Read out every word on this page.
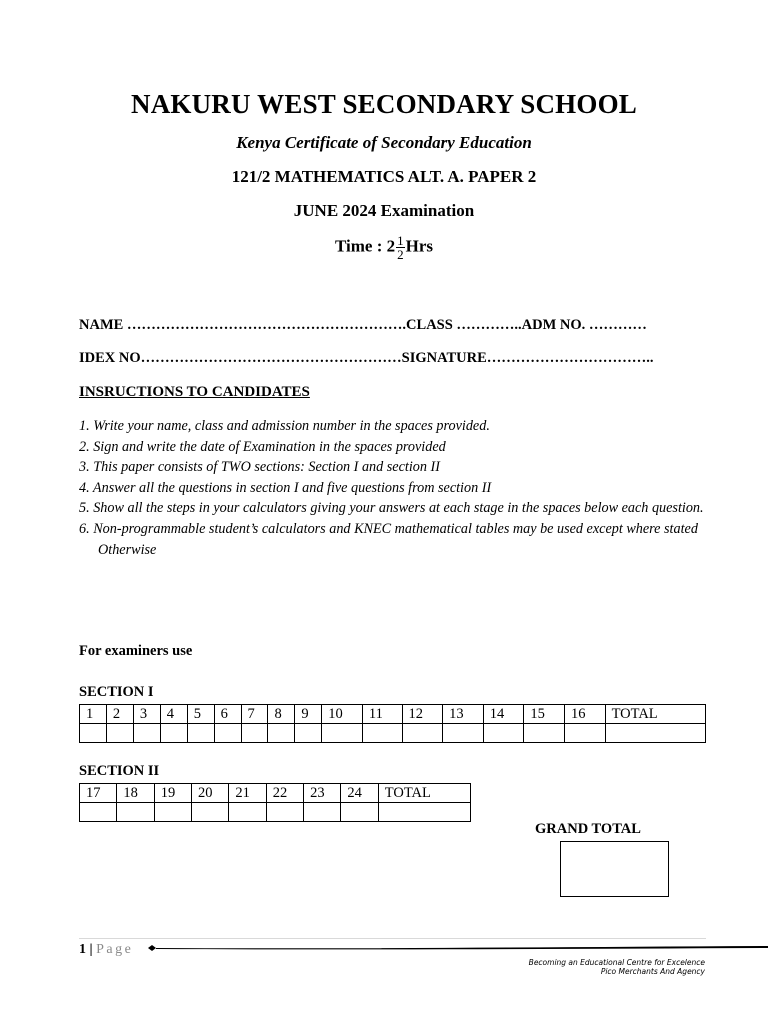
NAKURU WEST SECONDARY SCHOOL
Kenya Certificate of Secondary Education
121/2 MATHEMATICS ALT. A. PAPER 2
JUNE 2024 Examination
Time : $2 \frac{1}{2}$ Hrs
NAME ………………………………………………….CLASS …………..ADM NO. …………
IDEX NO………………………………………………SIGNATURE……………………………..
INSRUCTIONS TO CANDIDATES

1. Write your name, class and admission number in the spaces provided.

2. Sign and write the date of Examination in the spaces provided

3. This paper consists of TWO sections: Section I and section II

4. Answer all the questions in section I and five questions from section II

5. Show all the steps in your calculators giving your answers at each stage in the spaces below each question.

6. Non-programmable student’s calculators and KNEC mathematical tables may be used except where stated

Otherwise

For examiners use
SECTION I
1	2	3	4	5	6	7	8	9	10	11	12	13	14	15	16	TOTAL

SECTION II
17	18	19	20	21	22	23	24	TOTAL

GRAND TOTAL
1 | Page
Becoming an Educational Centre for Excelence
Pico Merchants And Agency
